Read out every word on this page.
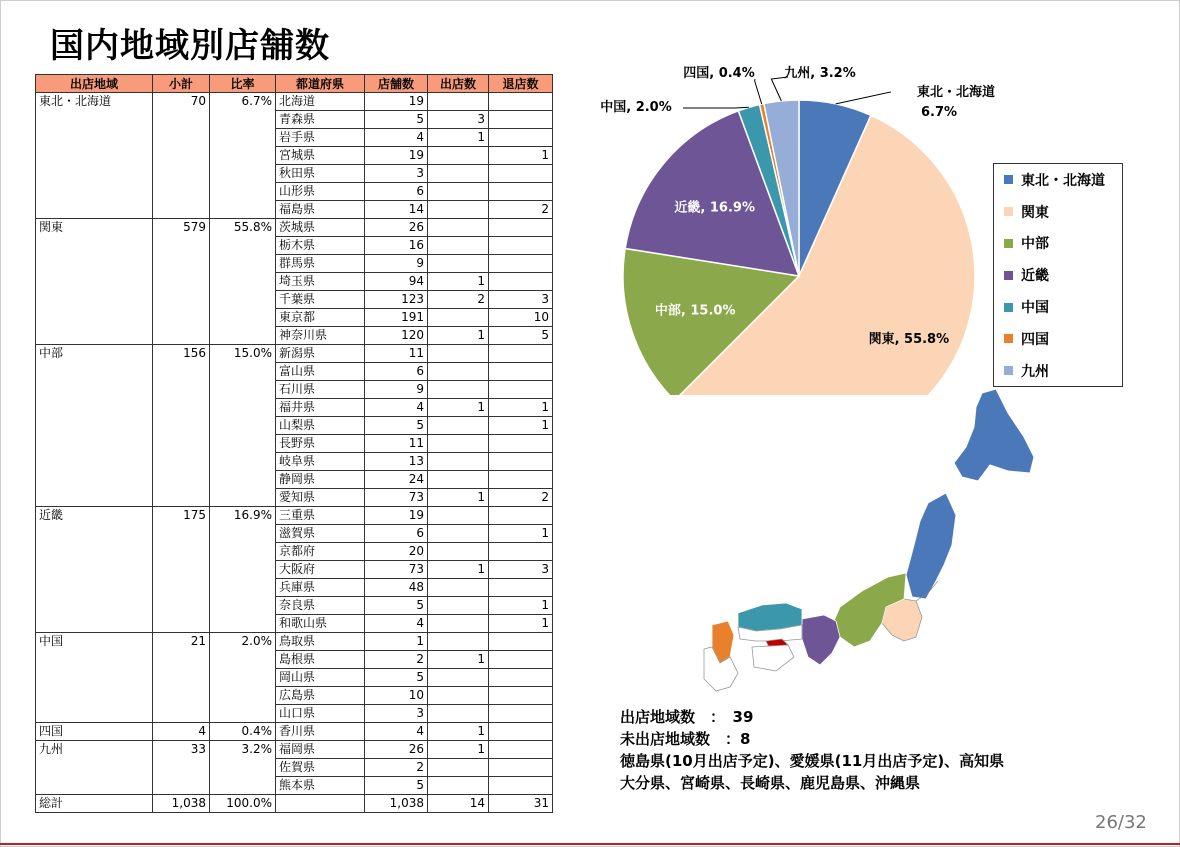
国内地域別店舗数
出店地域	小計	比率	都道府県	店舗数	出店数	退店数
東北・北海道	70	6.7%	北海道	19		
			青森県	5	3	
			岩手県	4	1	
			宮城県	19		1
			秋田県	3		
			山形県	6		
			福島県	14		2
関東	579	55.8%	茨城県	26		
			栃木県	16		
			群馬県	9		
			埼玉県	94	1	
			千葉県	123	2	3
			東京都	191		10
			神奈川県	120	1	5
中部	156	15.0%	新潟県	11		
			富山県	6		
			石川県	9		
			福井県	4	1	1
			山梨県	5		1
			長野県	11		
			岐阜県	13		
			静岡県	24		
			愛知県	73	1	2
近畿	175	16.9%	三重県	19		
			滋賀県	6		1
			京都府	20		
			大阪府	73	1	3
			兵庫県	48		
			奈良県	5		1
			和歌山県	4		1
中国	21	2.0%	鳥取県	1		
			島根県	2	1	
			岡山県	5		
			広島県	10		
			山口県	3		
四国	4	0.4%	香川県	4	1	
九州	33	3.2%	福岡県	26	1	
			佐賀県	2		
			熊本県	5		
総計	1,038	100.0%		1,038	14	31
関東, 55.8%
中部, 15.0%
近畿, 16.9%
東北・北海道
6.7%
中国, 2.0%
四国, 0.4% 九州, 3.2%
東北・北海道
関東
中部
近畿
中国
四国
九州
出店地域数　：　39
未出店地域数　：8
徳島県(10月出店予定)、愛媛県(11月出店予定)、高知県
大分県、宮崎県、長崎県、鹿児島県、沖縄県
26/32
